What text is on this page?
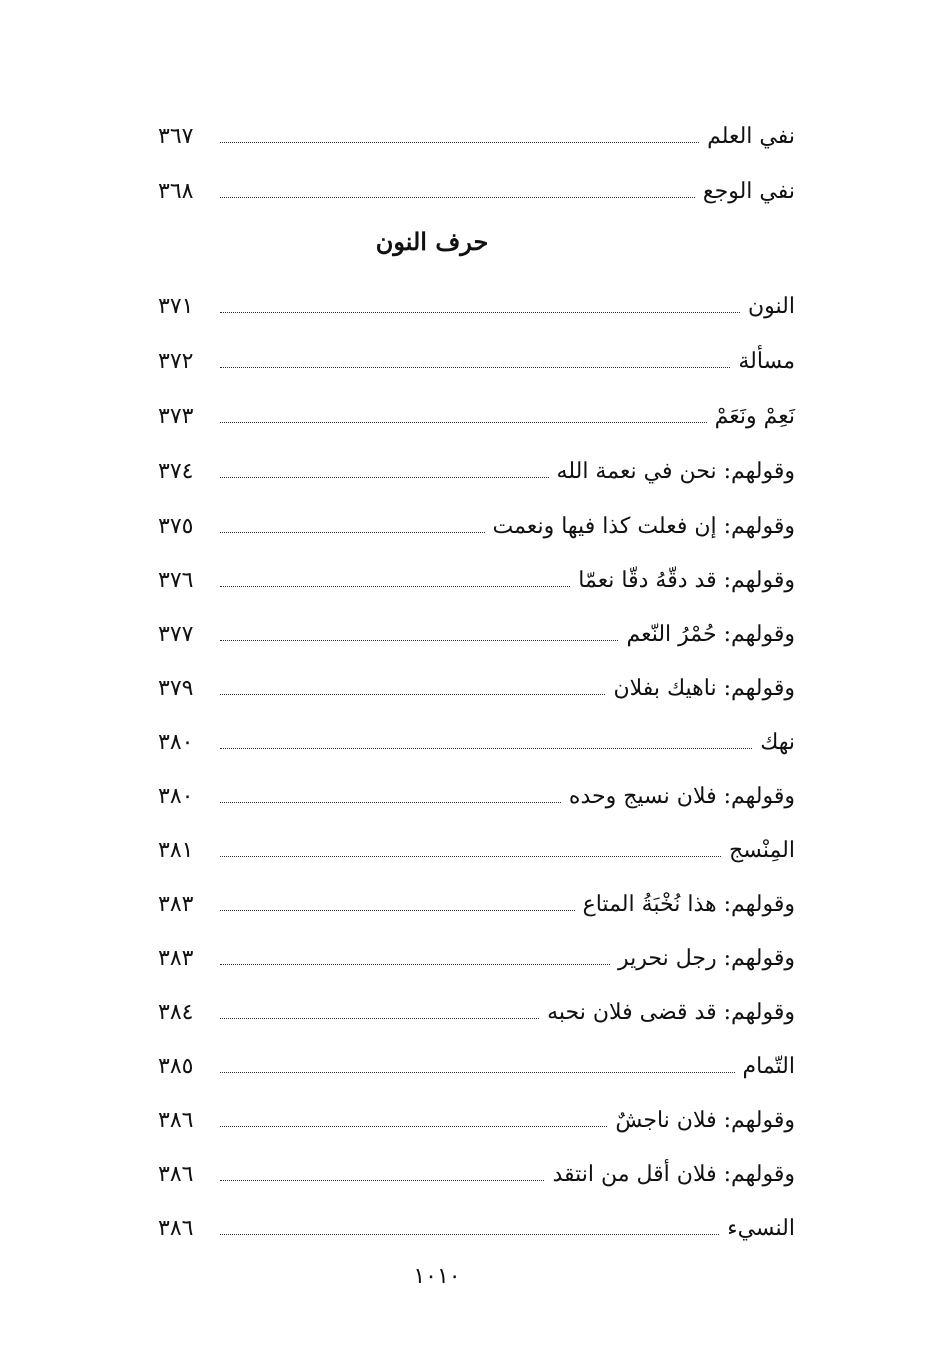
نفي العلم
٣٦٧
نفي الوجع
٣٦٨
حرف النون
النون
٣٧١
مسألة
٣٧٢
نَعِمْ ونَعَمْ
٣٧٣
وقولهم: نحن في نعمة الله
٣٧٤
وقولهم: إن فعلت كذا فيها ونعمت
٣٧٥
وقولهم: قد دقّهُ دقّا نعمّا
٣٧٦
وقولهم: حُمْرُ النّعم
٣٧٧
وقولهم: ناهيك بفلان
٣٧٩
نهك
٣٨٠
وقولهم: فلان نسيج وحده
٣٨٠
المِنْسج
٣٨١
وقولهم: هذا نُخْبَةُ المتاع
٣٨٣
وقولهم: رجل نحرير
٣٨٣
وقولهم: قد قضى فلان نحبه
٣٨٤
التّمام
٣٨٥
وقولهم: فلان ناجشٌ
٣٨٦
وقولهم: فلان أقل من انتقد
٣٨٦
النسيء
٣٨٦
١٠١٠
